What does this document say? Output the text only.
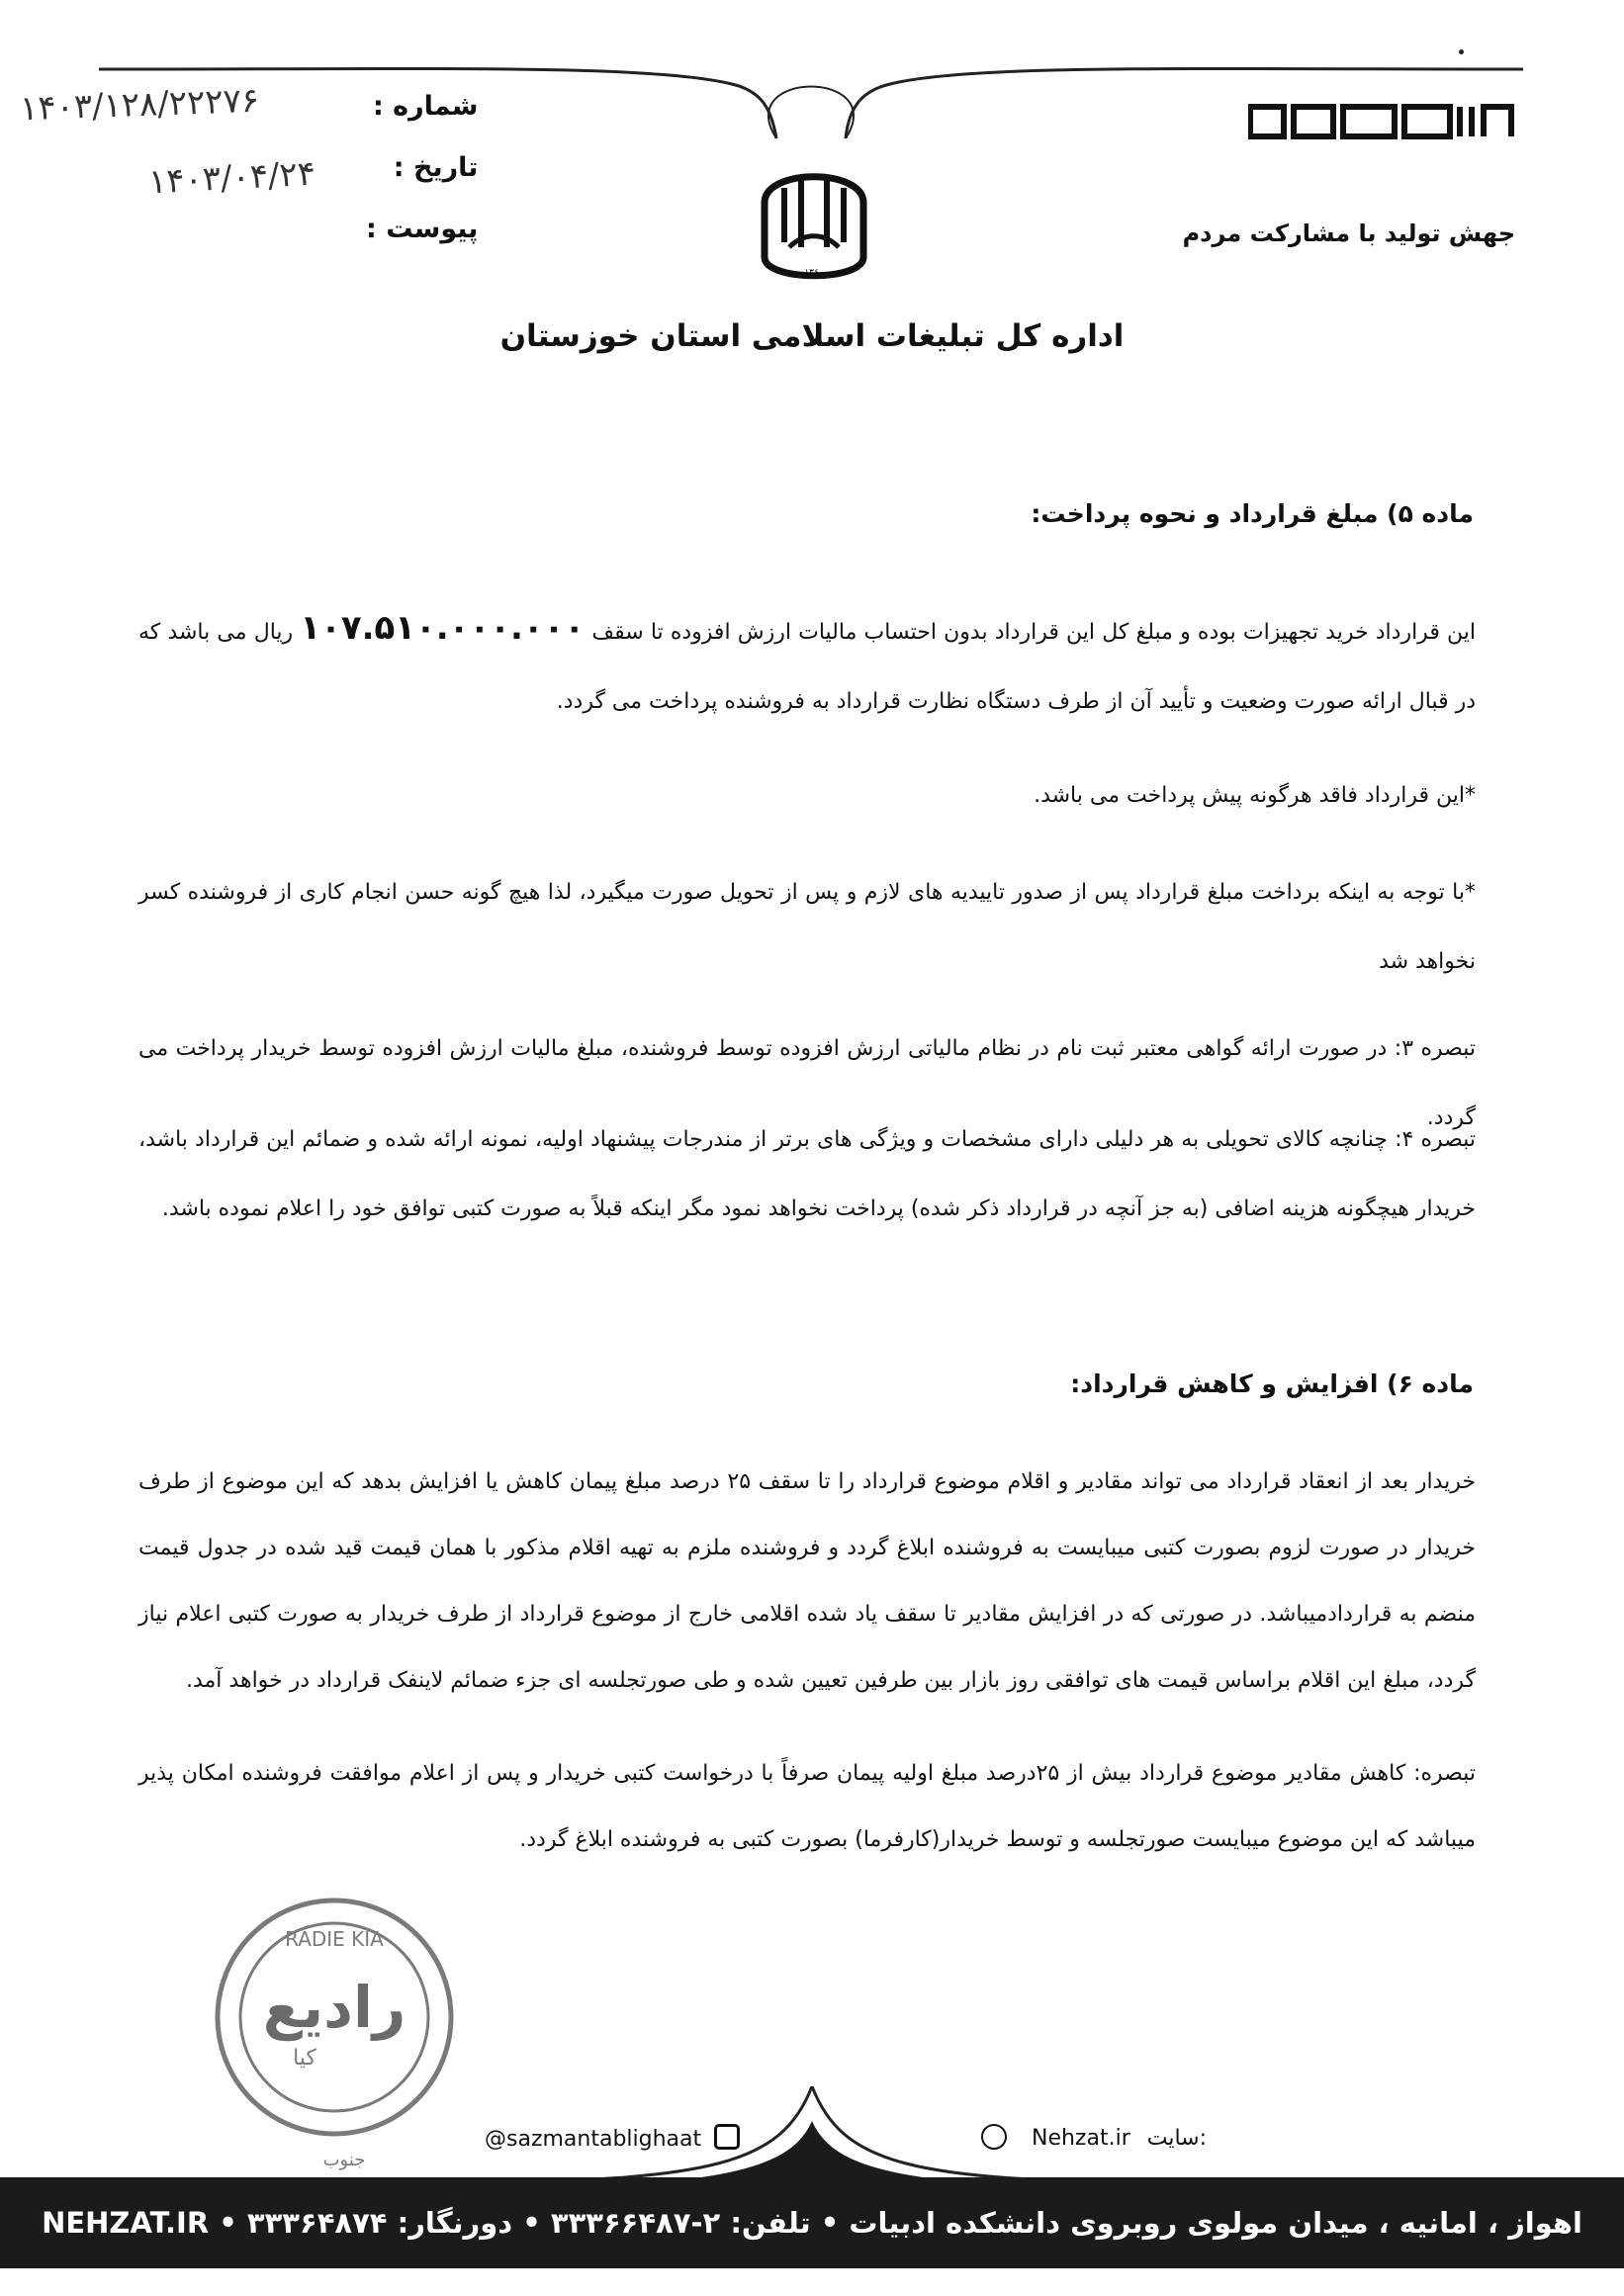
جهش تولید با مشارکت مردم
شماره :
تاریخ :
پیوست :
۱۴۰۳/۱۲۸/۲۲۲۷۶
۱۴۰۳/۰۴/۲۴
۱۳۶۰
اداره کل تبلیغات اسلامی استان خوزستان
ماده ۵) مبلغ قرارداد و نحوه پرداخت:

این قرارداد خرید تجهیزات بوده و مبلغ کل این قرارداد بدون احتساب مالیات ارزش افزوده تا سقف ۱۰۷.۵۱۰.۰۰۰.۰۰۰ ریال می باشد که در قبال ارائه صورت وضعیت و تأیید آن از طرف دستگاه نظارت قرارداد به فروشنده پرداخت می گردد.

*این قرارداد فاقد هرگونه پیش پرداخت می باشد.

*با توجه به اینکه برداخت مبلغ قرارداد پس از صدور تاییدیه های لازم و پس از تحویل صورت میگیرد، لذا هیچ گونه حسن انجام کاری از فروشنده کسر نخواهد شد

تبصره ۳: در صورت ارائه گواهی معتبر ثبت نام در نظام مالیاتی ارزش افزوده توسط فروشنده، مبلغ مالیات ارزش افزوده توسط خریدار پرداخت می گردد.

تبصره ۴: چنانچه کالای تحویلی به هر دلیلی دارای مشخصات و ویژگی های برتر از مندرجات پیشنهاد اولیه، نمونه ارائه شده و ضمائم این قرارداد باشد، خریدار هیچگونه هزینه اضافی (به جز آنچه در قرارداد ذکر شده) پرداخت نخواهد نمود مگر اینکه قبلاً به صورت کتبی توافق خود را اعلام نموده باشد.

ماده ۶) افزایش و کاهش قرارداد:

خریدار بعد از انعقاد قرارداد می‌ تواند مقادیر و اقلام موضوع قرارداد را تا سقف ۲۵ درصد مبلغ پیمان کاهش یا افزایش بدهد که این موضوع از طرف خریدار در صورت لزوم بصورت کتبی میبایست به فروشنده ابلاغ گردد و فروشنده ملزم به تهیه اقلام مذکور با همان قیمت قید شده در جدول قیمت منضم به قراردادمیباشد. در صورتی که در افزایش مقادیر تا سقف یاد شده اقلامی خارج از موضوع قرارداد از طرف خریدار به صورت کتبی اعلام نیاز گردد، مبلغ این اقلام براساس قیمت های توافقی روز بازار بین طرفین تعیین شده و طی صورتجلسه ای جزء ضمائم لاینفک قرارداد در خواهد آمد.

تبصره: کاهش مقادیر موضوع قرارداد بیش از ۲۵درصد مبلغ اولیه پیمان صرفاً با درخواست کتبی خریدار و پس از اعلام موافقت فروشنده امکان پذیر میباشد که این موضوع میبایست صورتجلسه و توسط خریدار(کارفرما) بصورت کتبی به فروشنده ابلاغ گردد.

RADIE KIA
رادیع
کیا
جنوب
@sazmantablighaat	Nehzat.ir سایت:
اهواز ، امانیه ، میدان مولوی روبروی دانشکده ادبیات • تلفن: ۲-۳۳۳۶۶۴۸۷ • دورنگار: ۳۳۳۶۴۸۷۴ • NEHZAT.IR
